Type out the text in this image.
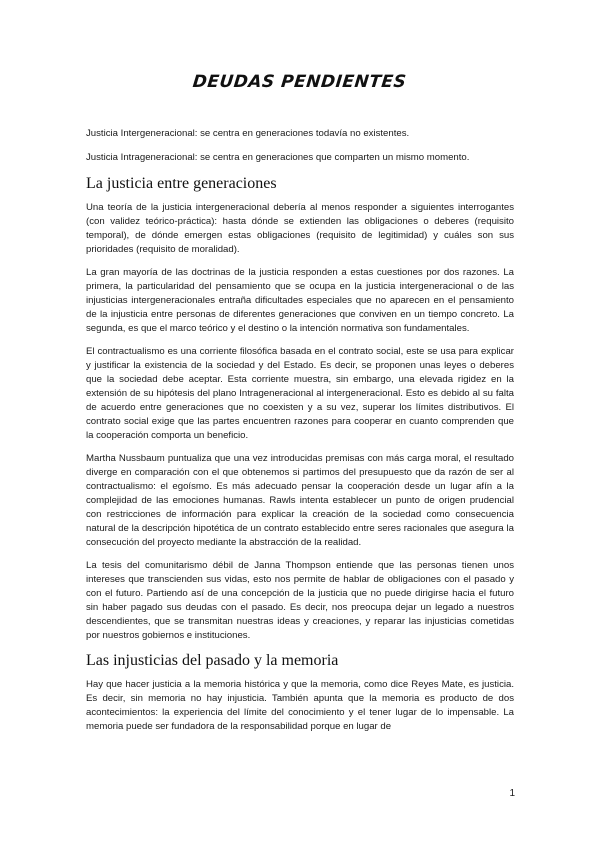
DEUDAS PENDIENTES

Justicia Intergeneracional: se centra en generaciones todavía no existentes.

Justicia Intrageneracional: se centra en generaciones que comparten un mismo momento.

La justicia entre generaciones

Una teoría de la justicia intergeneracional debería al menos responder a siguientes interrogantes (con validez teórico-práctica): hasta dónde se extienden las obligaciones o deberes (requisito temporal), de dónde emergen estas obligaciones (requisito de legitimidad) y cuáles son sus prioridades (requisito de moralidad).

La gran mayoría de las doctrinas de la justicia responden a estas cuestiones por dos razones. La primera, la particularidad del pensamiento que se ocupa en la justicia intergeneracional o de las injusticias intergeneracionales entraña dificultades especiales que no aparecen en el pensamiento de la injusticia entre personas de diferentes generaciones que conviven en un tiempo concreto. La segunda, es que el marco teórico y el destino o la intención normativa son fundamentales.

El contractualismo es una corriente filosófica basada en el contrato social, este se usa para explicar y justificar la existencia de la sociedad y del Estado. Es decir, se proponen unas leyes o deberes que la sociedad debe aceptar. Esta corriente muestra, sin embargo, una elevada rigidez en la extensión de su hipótesis del plano Intrageneracional al intergeneracional. Esto es debido al su falta de acuerdo entre generaciones que no coexisten y a su vez, superar los límites distributivos. El contrato social exige que las partes encuentren razones para cooperar en cuanto comprenden que la cooperación comporta un beneficio.

Martha Nussbaum puntualiza que una vez introducidas premisas con más carga moral, el resultado diverge en comparación con el que obtenemos si partimos del presupuesto que da razón de ser al contractualismo: el egoísmo. Es más adecuado pensar la cooperación desde un lugar afín a la complejidad de las emociones humanas. Rawls intenta establecer un punto de origen prudencial con restricciones de información para explicar la creación de la sociedad como consecuencia natural de la descripción hipotética de un contrato establecido entre seres racionales que asegura la consecución del proyecto mediante la abstracción de la realidad.

La tesis del comunitarismo débil de Janna Thompson entiende que las personas tienen unos intereses que transcienden sus vidas, esto nos permite de hablar de obligaciones con el pasado y con el futuro. Partiendo así de una concepción de la justicia que no puede dirigirse hacia el futuro sin haber pagado sus deudas con el pasado. Es decir, nos preocupa dejar un legado a nuestros descendientes, que se transmitan nuestras ideas y creaciones, y reparar las injusticias cometidas por nuestros gobiernos e instituciones.

Las injusticias del pasado y la memoria

Hay que hacer justicia a la memoria histórica y que la memoria, como dice Reyes Mate, es justicia. Es decir, sin memoria no hay injusticia. También apunta que la memoria es producto de dos acontecimientos: la experiencia del límite del conocimiento y el tener lugar de lo impensable. La memoria puede ser fundadora de la responsabilidad porque en lugar de

1
